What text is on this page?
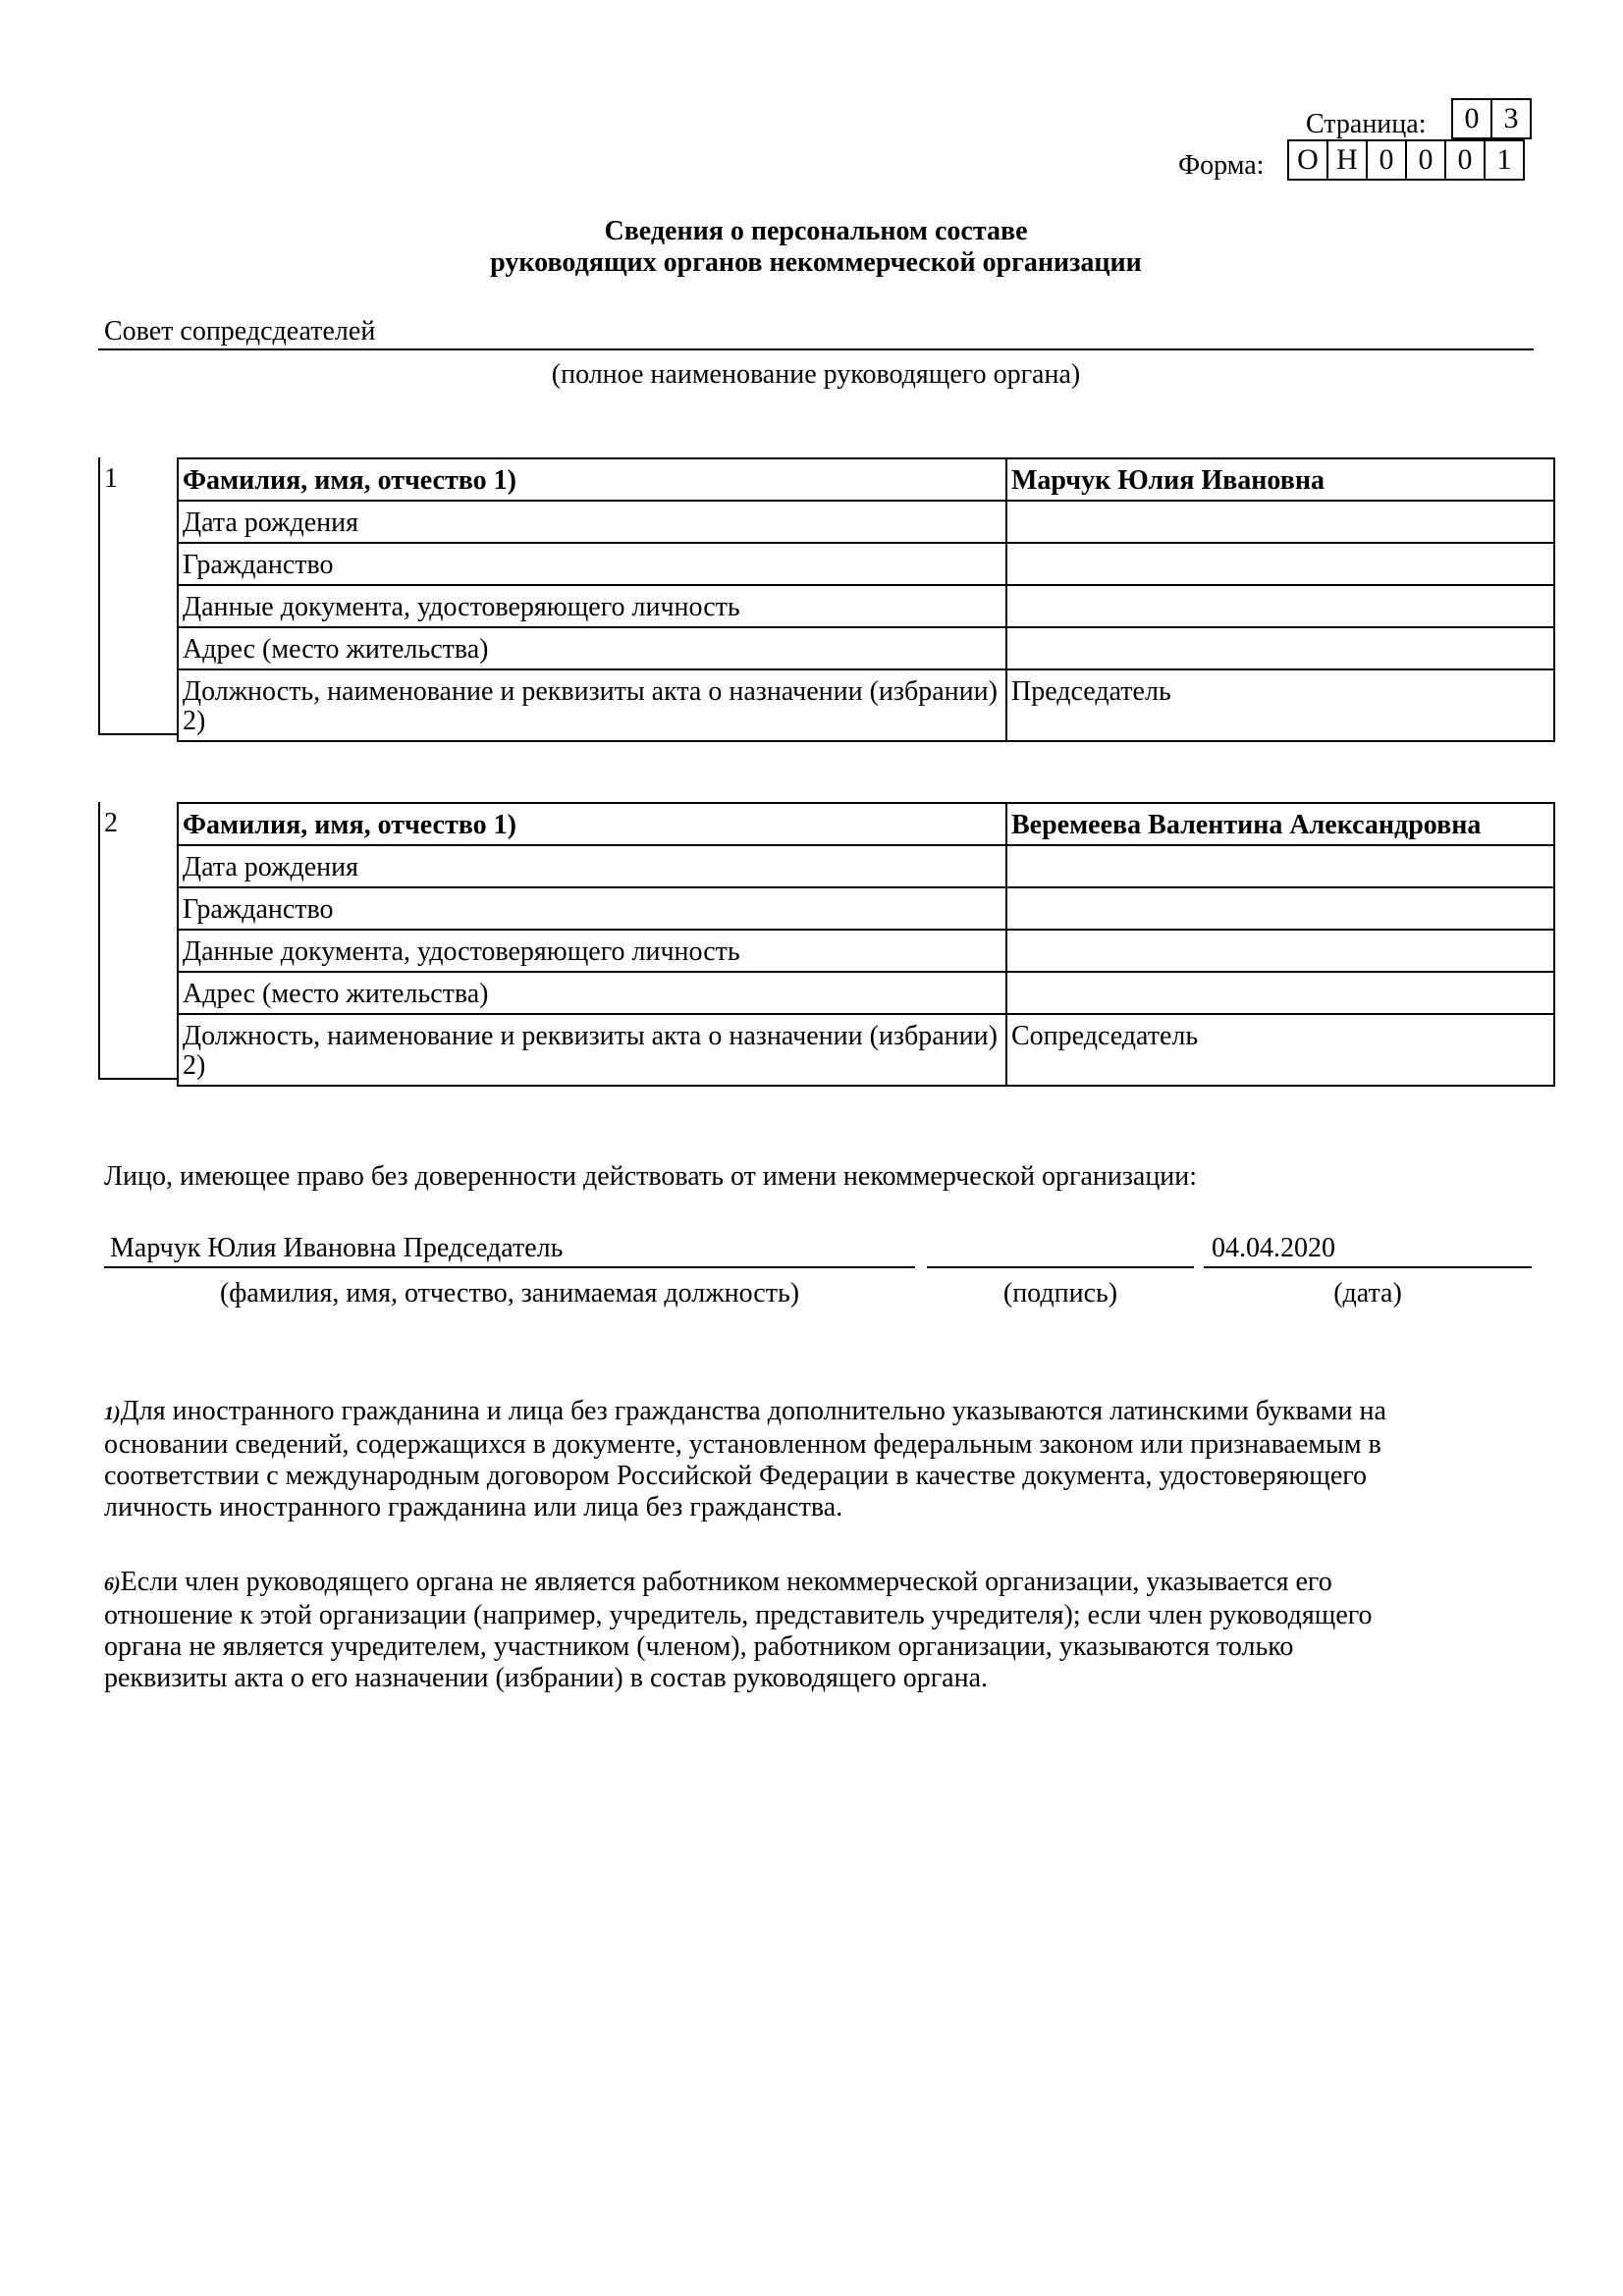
Страница:	0 3
Форма:	О Н 0 0 0 1
Сведения о персональном составе
руководящих органов некоммерческой организации
Совет сопредсдеателей
(полное наименование руководящего органа)
1	Фамилия, имя, отчество 1)	Марчук Юлия Ивановна
Дата рождения	
Гражданство	
Данные документа, удостоверяющего личность	
Адрес (место жительства)	
Должность, наименование и реквизиты акта о назначении (избрании) 2)	Председатель
2	Фамилия, имя, отчество 1)	Веремеева Валентина Александровна
Дата рождения	
Гражданство	
Данные документа, удостоверяющего личность	
Адрес (место жительства)	
Должность, наименование и реквизиты акта о назначении (избрании) 2)	Сопредседатель
Лицо, имеющее право без доверенности действовать от имени некоммерческой организации:
Марчук Юлия Ивановна Председатель	04.04.2020
(фамилия, имя, отчество, занимаемая должность)	(подпись)	(дата)
1)Для иностранного гражданина и лица без гражданства дополнительно указываются латинскими буквами на
основании сведений, содержащихся в документе, установленном федеральным законом или признаваемым в
соответствии с международным договором Российской Федерации в качестве документа, удостоверяющего
личность иностранного гражданина или лица без гражданства.
6)Если член руководящего органа не является работником некоммерческой организации, указывается его
отношение к этой организации (например, учредитель, представитель учредителя); если член руководящего
органа не является учредителем, участником (членом), работником организации, указываются только
реквизиты акта о его назначении (избрании) в состав руководящего органа.
